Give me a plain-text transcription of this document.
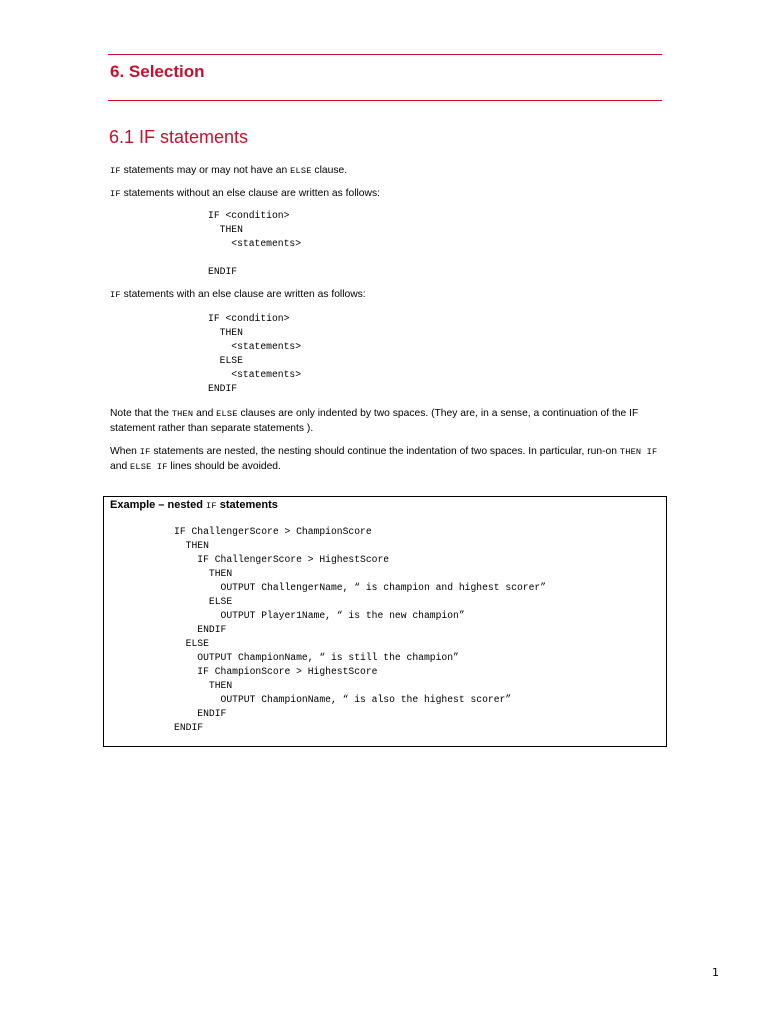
6. Selection
6.1 IF statements

IF statements may or may not have an ELSE clause.

IF statements without an else clause are written as follows:

IF <condition>
THEN
<statements>

ENDIF

IF statements with an else clause are written as follows:

IF <condition>
THEN
<statements>
ELSE
<statements>
ENDIF

Note that the THEN and ELSE clauses are only indented by two spaces. (They are, in a sense, a continuation of the IF statement rather than separate statements ).

When IF statements are nested, the nesting should continue the indentation of two spaces. In particular, run-on THEN IF and ELSE IF lines should be avoided.

Example – nested IF statements

IF ChallengerScore > ChampionScore
THEN
IF ChallengerScore > HighestScore
THEN
OUTPUT ChallengerName, “ is champion and highest scorer”
ELSE
OUTPUT Player1Name, “ is the new champion”
ENDIF
ELSE
OUTPUT ChampionName, “ is still the champion”
IF ChampionScore > HighestScore
THEN
OUTPUT ChampionName, “ is also the highest scorer”
ENDIF
ENDIF
1
